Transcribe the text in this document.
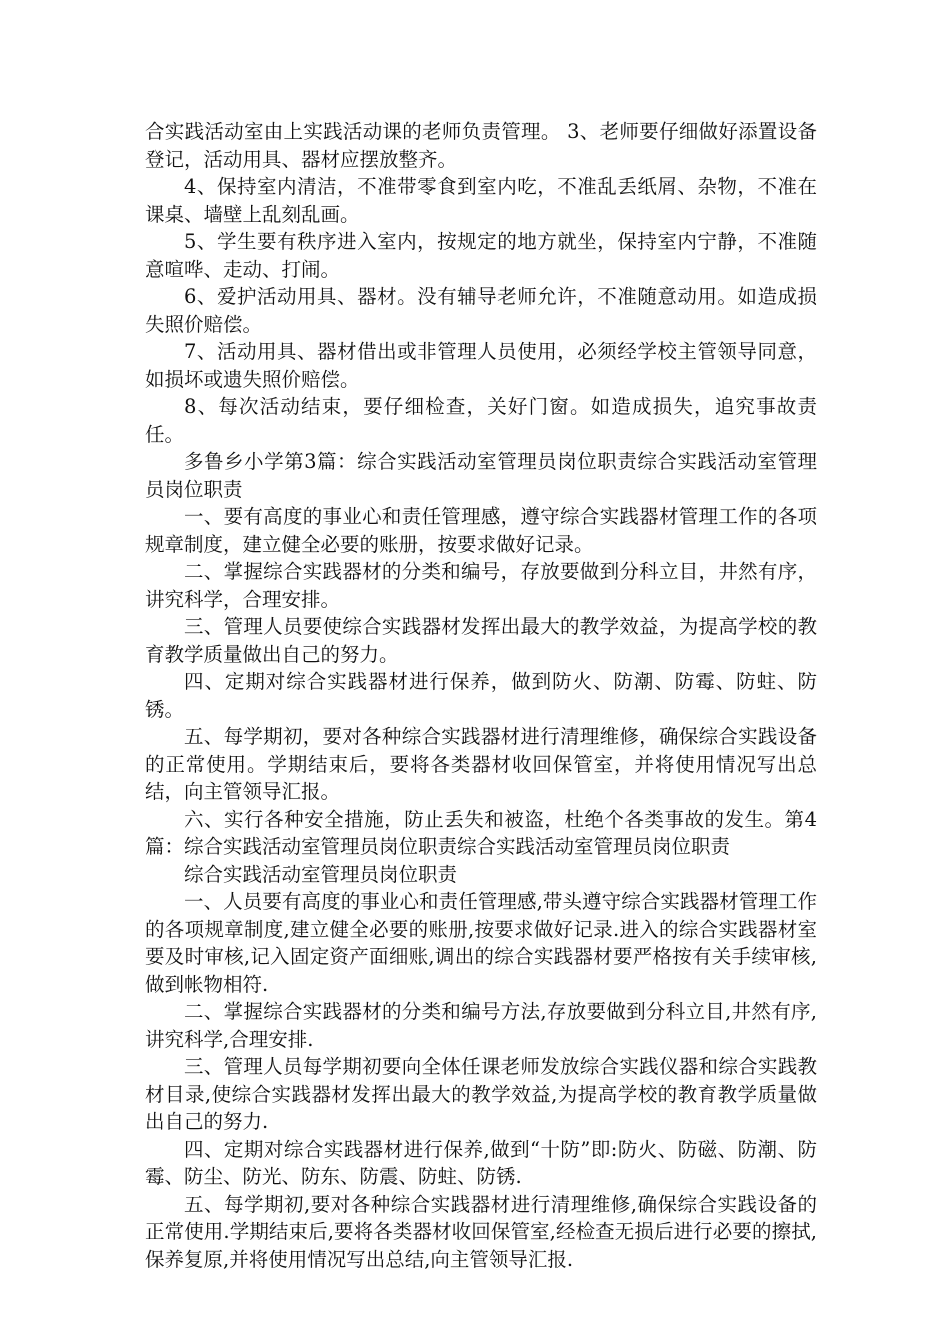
合实践活动室由上实践活动课的老师负责管理。 3、老师要仔细做好添置设备登记，活动用具、器材应摆放整齐。

4、保持室内清洁，不准带零食到室内吃，不准乱丢纸屑、杂物，不准在课桌、墙壁上乱刻乱画。

5、学生要有秩序进入室内，按规定的地方就坐，保持室内宁静，不准随意喧哗、走动、打闹。

6、爱护活动用具、器材。没有辅导老师允许，不准随意动用。如造成损失照价赔偿。

7、活动用具、器材借出或非管理人员使用，必须经学校主管领导同意，如损坏或遗失照价赔偿。

8、每次活动结束，要仔细检查，关好门窗。如造成损失，追究事故责任。

多鲁乡小学第3篇：综合实践活动室管理员岗位职责综合实践活动室管理员岗位职责

一、要有高度的事业心和责任管理感，遵守综合实践器材管理工作的各项规章制度，建立健全必要的账册，按要求做好记录。

二、掌握综合实践器材的分类和编号，存放要做到分科立目，井然有序，讲究科学，合理安排。

三、管理人员要使综合实践器材发挥出最大的教学效益，为提高学校的教育教学质量做出自己的努力。

四、定期对综合实践器材进行保养，做到防火、防潮、防霉、防蛀、防锈。

五、每学期初，要对各种综合实践器材进行清理维修，确保综合实践设备的正常使用。学期结束后，要将各类器材收回保管室，并将使用情况写出总结，向主管领导汇报。

六、实行各种安全措施，防止丢失和被盗，杜绝个各类事故的发生。第4篇：综合实践活动室管理员岗位职责综合实践活动室管理员岗位职责

综合实践活动室管理员岗位职责

一、人员要有高度的事业心和责任管理感,带头遵守综合实践器材管理工作的各项规章制度,建立健全必要的账册,按要求做好记录.进入的综合实践器材室要及时审核,记入固定资产面细账,调出的综合实践器材要严格按有关手续审核,做到帐物相符.

二、掌握综合实践器材的分类和编号方法,存放要做到分科立目,井然有序,讲究科学,合理安排.

三、管理人员每学期初要向全体任课老师发放综合实践仪器和综合实践教材目录,使综合实践器材发挥出最大的教学效益,为提高学校的教育教学质量做出自己的努力.

四、定期对综合实践器材进行保养,做到“十防”即:防火、防磁、防潮、防霉、防尘、防光、防东、防震、防蛀、防锈.

五、每学期初,要对各种综合实践器材进行清理维修,确保综合实践设备的正常使用.学期结束后,要将各类器材收回保管室,经检查无损后进行必要的擦拭,保养复原,并将使用情况写出总结,向主管领导汇报.
